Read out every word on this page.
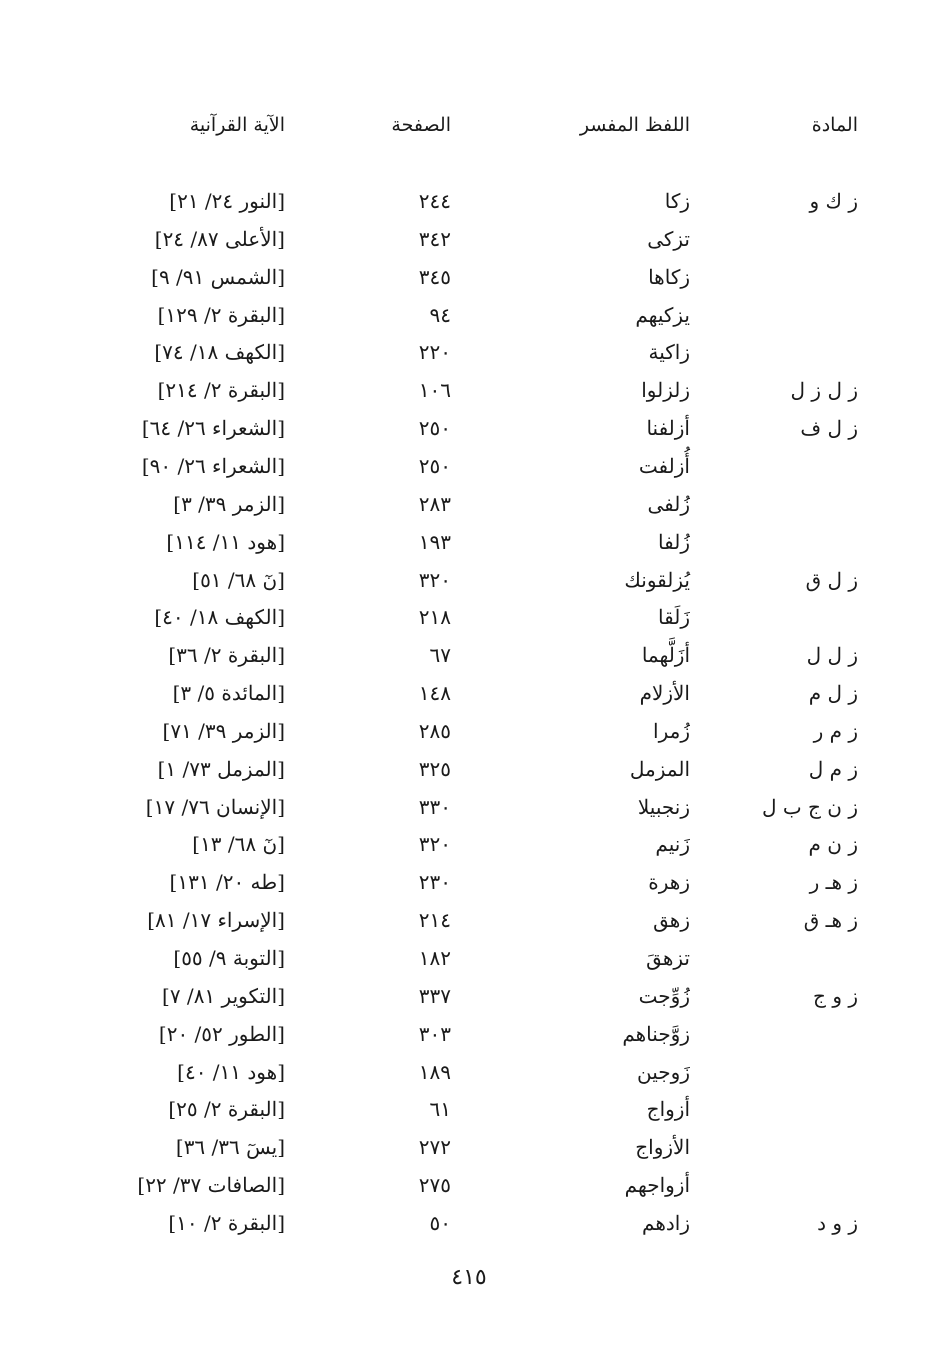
المادة
اللفظ المفسر
الصفحة
الآية القرآنية
ز ك و
زكا
٢٤٤
[النور ٢٤/ ٢١]
تزكى
٣٤٢
[الأعلى ٨٧/ ٢٤]
زكاها
٣٤٥
[الشمس ٩١/ ٩]
يزكيهم
٩٤
[البقرة ٢/ ١٢٩]
زاكية
٢٢٠
[الكهف ١٨/ ٧٤]
ز ل ز ل
زلزلوا
١٠٦
[البقرة ٢/ ٢١٤]
ز ل ف
أزلفنا
٢٥٠
[الشعراء ٢٦/ ٦٤]
أُزلفت
٢٥٠
[الشعراء ٢٦/ ٩٠]
زُلفى
٢٨٣
[الزمر ٣٩/ ٣]
زُلفا
١٩٣
[هود ١١/ ١١٤]
ز ل ق
يُزلقونك
٣٢٠
[نٓ ٦٨/ ٥١]
زَلَقا
٢١٨
[الكهف ١٨/ ٤٠]
ز ل ل
أزَلَّهما
٦٧
[البقرة ٢/ ٣٦]
ز ل م
الأزلام
١٤٨
[المائدة ٥/ ٣]
ز م ر
زُمرا
٢٨٥
[الزمر ٣٩/ ٧١]
ز م ل
المزمل
٣٢٥
[المزمل ٧٣/ ١]
ز ن ج ب ل
زنجبيلا
٣٣٠
[الإنسان ٧٦/ ١٧]
ز ن م
زَنيم
٣٢٠
[نٓ ٦٨/ ١٣]
ز هـ ر
زهرة
٢٣٠
[طه ٢٠/ ١٣١]
ز هـ ق
زهق
٢١٤
[الإسراء ١٧/ ٨١]
تزهقَ
١٨٢
[التوبة ٩/ ٥٥]
ز و ج
زُوِّجت
٣٣٧
[التكوير ٨١/ ٧]
زوَّجناهم
٣٠٣
[الطور ٥٢/ ٢٠]
زَوجين
١٨٩
[هود ١١/ ٤٠]
أزواج
٦١
[البقرة ٢/ ٢٥]
الأزواج
٢٧٢
[يسٓ ٣٦/ ٣٦]
أزواجهم
٢٧٥
[الصافات ٣٧/ ٢٢]
ز و د
زادهم
٥٠
[البقرة ٢/ ١٠]
٤١٥
